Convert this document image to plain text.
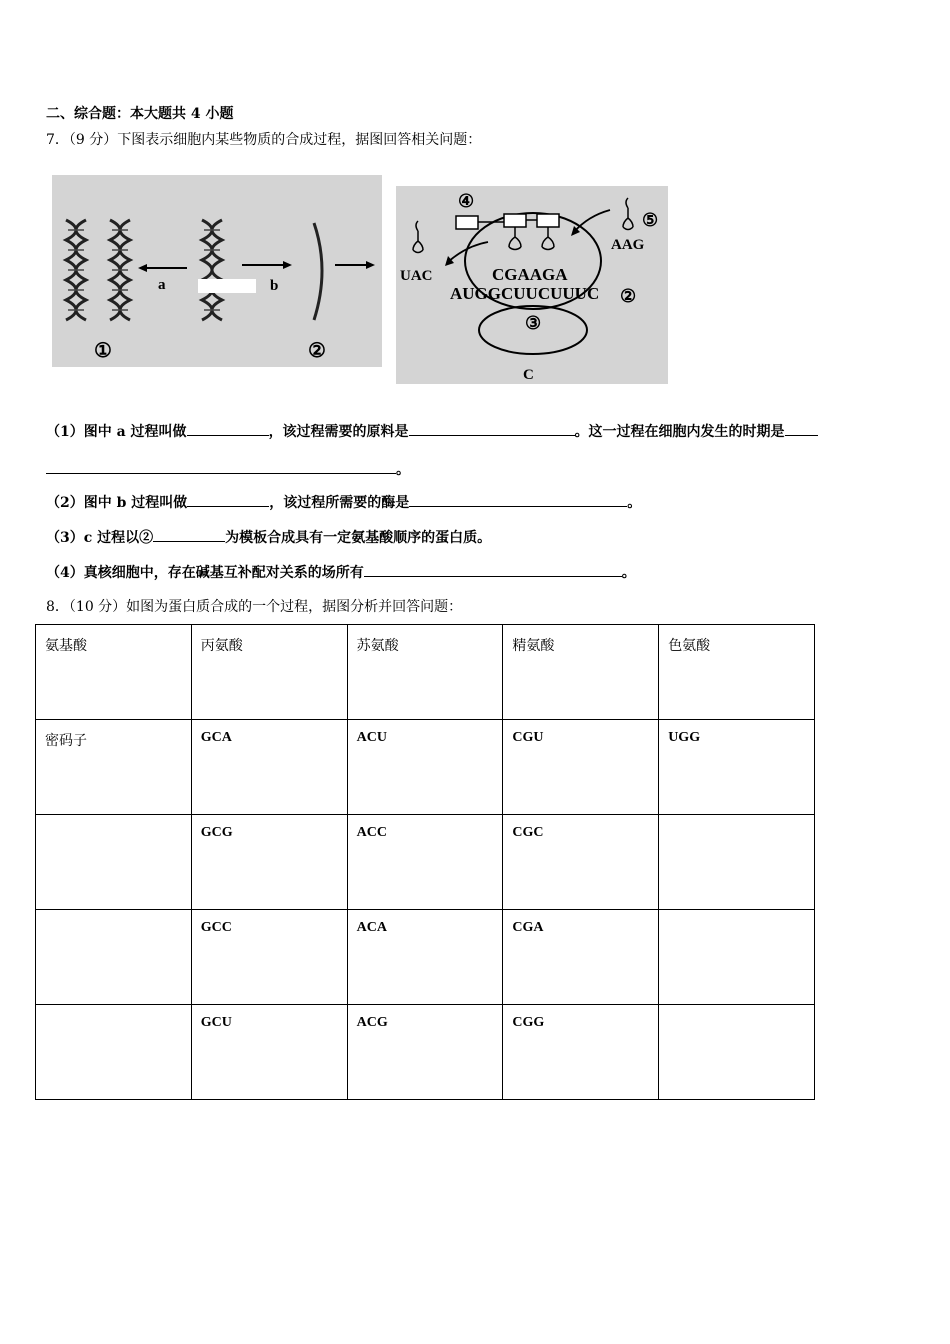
二、综合题：本大题共 4 小题
7．（9 分）下图表示细胞内某些物质的合成过程，据图回答相关问题：
a	b
①	②
④
⑤
UAC
AAG
CGAAGA
AUGGCUUCUUUC ②
③
C
（1）图中 a 过程叫做	，该过程需要的原料是	。这一过程在细胞内发生的时期是
。
（2）图中 b 过程叫做	，该过程所需要的酶是	。
（3）c 过程以②	为模板合成具有一定氨基酸顺序的蛋白质。
（4）真核细胞中，存在碱基互补配对关系的场所有	。
8．（10 分）如图为蛋白质合成的一个过程，据图分析并回答问题：
氨基酸	丙氨酸	苏氨酸	精氨酸	色氨酸
密码子	GCA	ACU	CGU	UGG
	GCG	ACC	CGC	
	GCC	ACA	CGA	
	GCU	ACG	CGG	
